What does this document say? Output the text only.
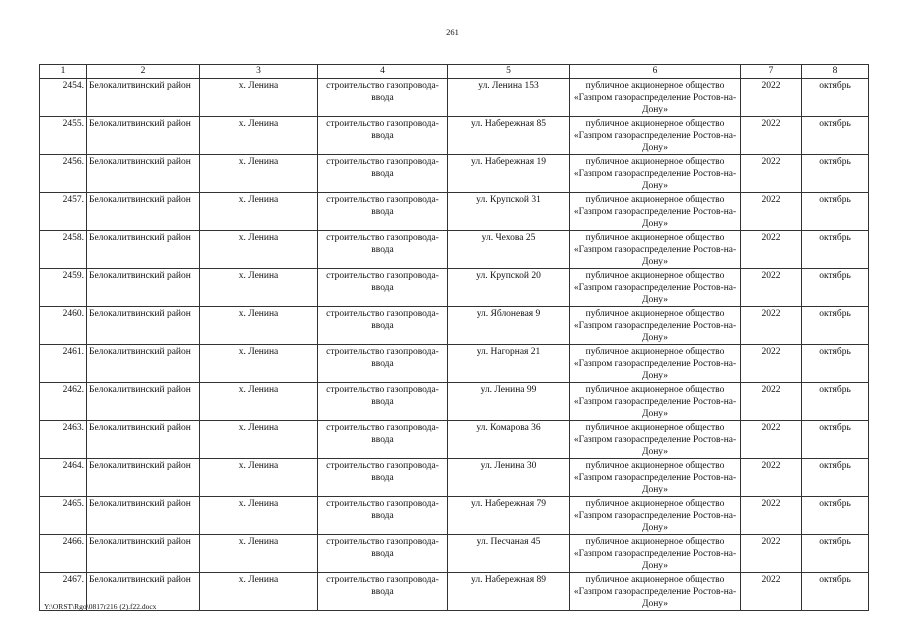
261
1	2	3	4	5	6	7	8
2454.	Белокалитвинский район	х. Ленина	строительство газопровода-ввода	ул. Ленина 153	публичное акционерное общество «Газпром газораспределение Ростов-на-Дону»	2022	октябрь
2455.	Белокалитвинский район	х. Ленина	строительство газопровода-ввода	ул. Набережная 85	публичное акционерное общество «Газпром газораспределение Ростов-на-Дону»	2022	октябрь
2456.	Белокалитвинский район	х. Ленина	строительство газопровода-ввода	ул. Набережная 19	публичное акционерное общество «Газпром газораспределение Ростов-на-Дону»	2022	октябрь
2457.	Белокалитвинский район	х. Ленина	строительство газопровода-ввода	ул. Крупской 31	публичное акционерное общество «Газпром газораспределение Ростов-на-Дону»	2022	октябрь
2458.	Белокалитвинский район	х. Ленина	строительство газопровода-ввода	ул. Чехова 25	публичное акционерное общество «Газпром газораспределение Ростов-на-Дону»	2022	октябрь
2459.	Белокалитвинский район	х. Ленина	строительство газопровода-ввода	ул. Крупской 20	публичное акционерное общество «Газпром газораспределение Ростов-на-Дону»	2022	октябрь
2460.	Белокалитвинский район	х. Ленина	строительство газопровода-ввода	ул. Яблоневая 9	публичное акционерное общество «Газпром газораспределение Ростов-на-Дону»	2022	октябрь
2461.	Белокалитвинский район	х. Ленина	строительство газопровода-ввода	ул. Нагорная 21	публичное акционерное общество «Газпром газораспределение Ростов-на-Дону»	2022	октябрь
2462.	Белокалитвинский район	х. Ленина	строительство газопровода-ввода	ул. Ленина 99	публичное акционерное общество «Газпром газораспределение Ростов-на-Дону»	2022	октябрь
2463.	Белокалитвинский район	х. Ленина	строительство газопровода-ввода	ул. Комарова 36	публичное акционерное общество «Газпром газораспределение Ростов-на-Дону»	2022	октябрь
2464.	Белокалитвинский район	х. Ленина	строительство газопровода-ввода	ул. Ленина 30	публичное акционерное общество «Газпром газораспределение Ростов-на-Дону»	2022	октябрь
2465.	Белокалитвинский район	х. Ленина	строительство газопровода-ввода	ул. Набережная 79	публичное акционерное общество «Газпром газораспределение Ростов-на-Дону»	2022	октябрь
2466.	Белокалитвинский район	х. Ленина	строительство газопровода-ввода	ул. Песчаная 45	публичное акционерное общество «Газпром газораспределение Ростов-на-Дону»	2022	октябрь
2467.	Белокалитвинский район	х. Ленина	строительство газопровода-ввода	ул. Набережная 89	публичное акционерное общество «Газпром газораспределение Ростов-на-Дону»	2022	октябрь
Y:\ORST\Rgo\0817r216 (2).f22.docx
